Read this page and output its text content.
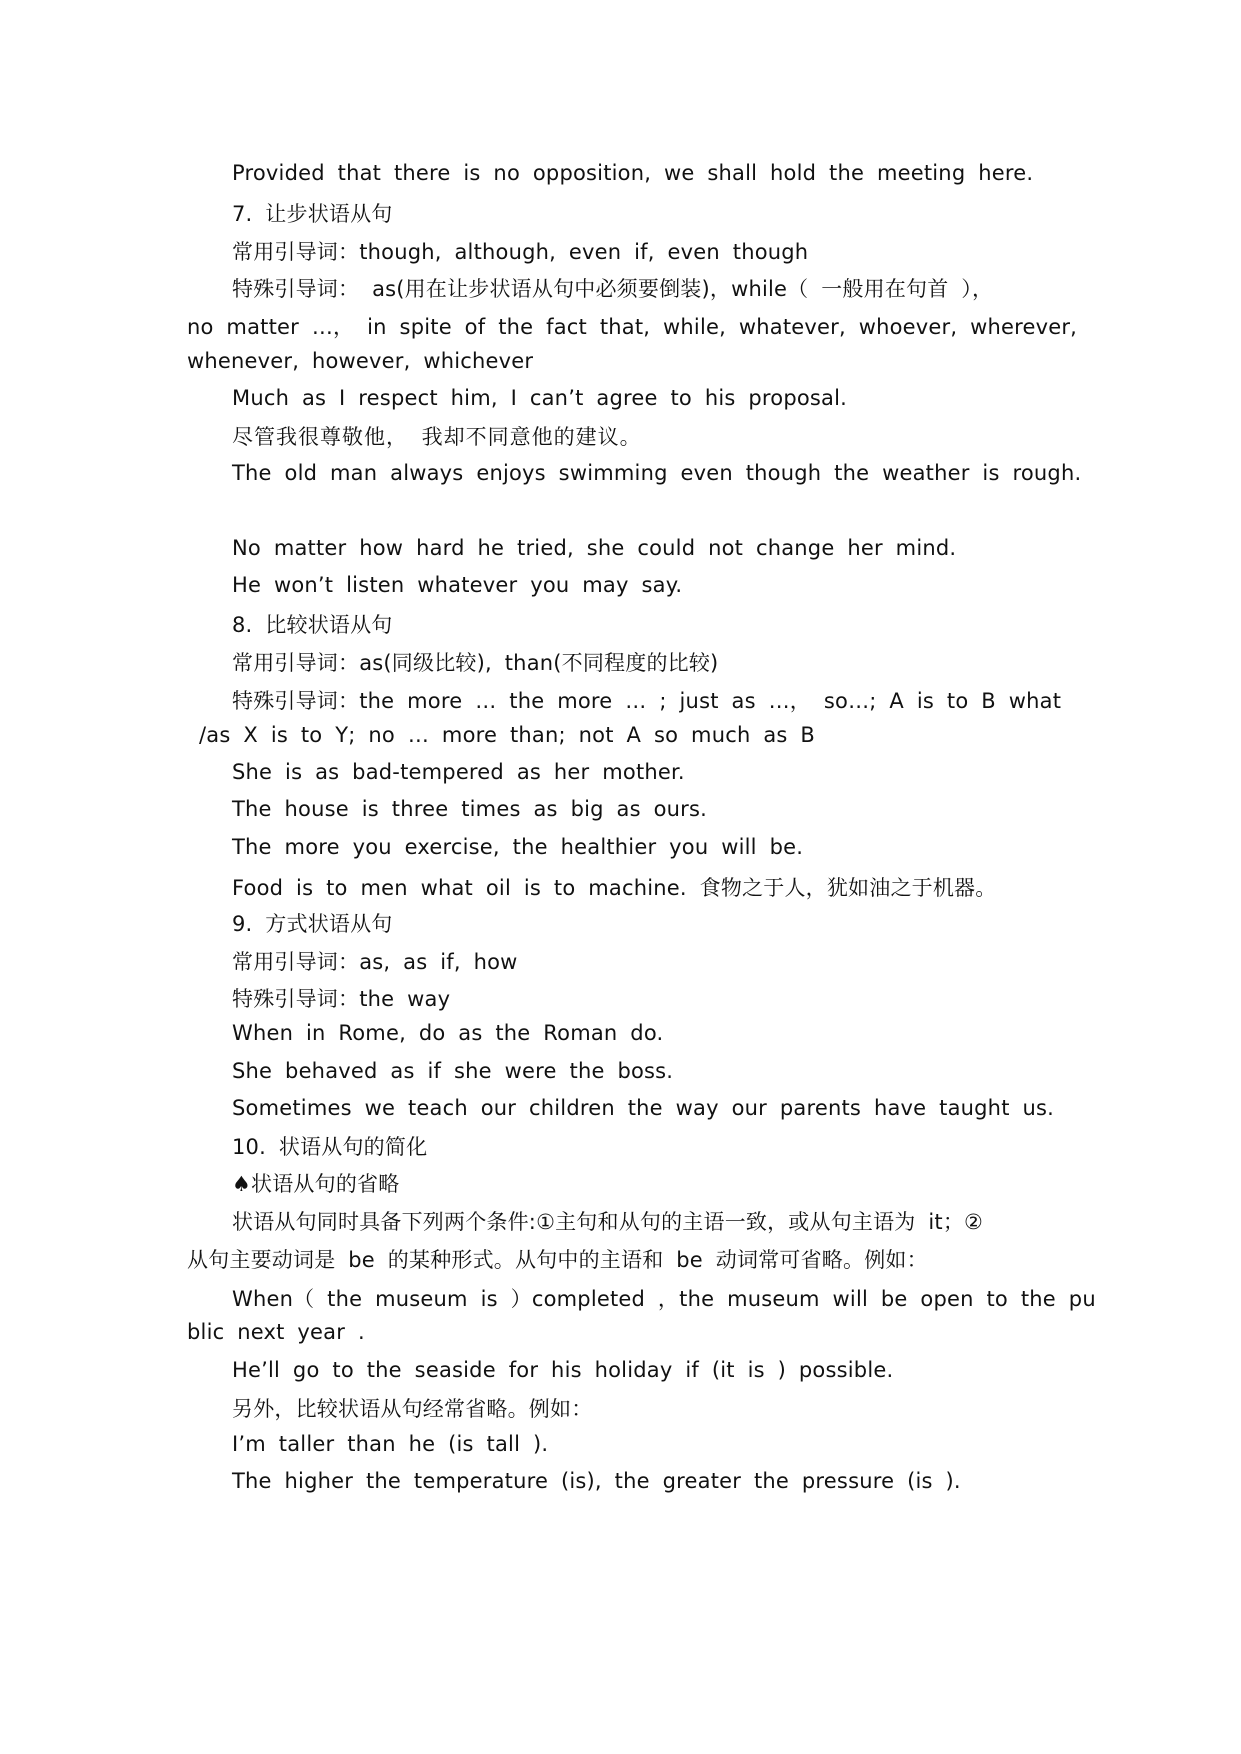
Provided that there is no opposition, we shall hold the meeting here.
7. 让步状语从句
常用引导词：though, although, even if, even though
特殊引导词： as(用在让步状语从句中必须要倒装)，while（ 一般用在句首 ），
no matter …， in spite of the fact that, while, whatever, whoever, wherever,
whenever, however, whichever
Much as I respect him, I can’t agree to his proposal.
尽管我很尊敬他， 我却不同意他的建议。
The old man always enjoys swimming even though the weather is rough.
No matter how hard he tried, she could not change her mind.
He won’t listen whatever you may say.
8. 比较状语从句
常用引导词：as(同级比较), than(不同程度的比较)
特殊引导词：the more … the more … ; just as …， so…; A is to B what
/as X is to Y; no … more than; not A so much as B
She is as bad-tempered as her mother.
The house is three times as big as ours.
The more you exercise, the healthier you will be.
Food is to men what oil is to machine. 食物之于人，犹如油之于机器。
9. 方式状语从句
常用引导词：as, as if, how
特殊引导词：the way
When in Rome, do as the Roman do.
She behaved as if she were the boss.
Sometimes we teach our children the way our parents have taught us.
10. 状语从句的简化
♠状语从句的省略
状语从句同时具备下列两个条件:①主句和从句的主语一致，或从句主语为 it；②
从句主要动词是 be 的某种形式。从句中的主语和 be 动词常可省略。例如：
When（ the museum is ）completed ，the museum will be open to the pu
blic next year .
He’ll go to the seaside for his holiday if (it is ) possible.
另外，比较状语从句经常省略。例如：
I’m taller than he (is tall ).
The higher the temperature (is), the greater the pressure (is ).
